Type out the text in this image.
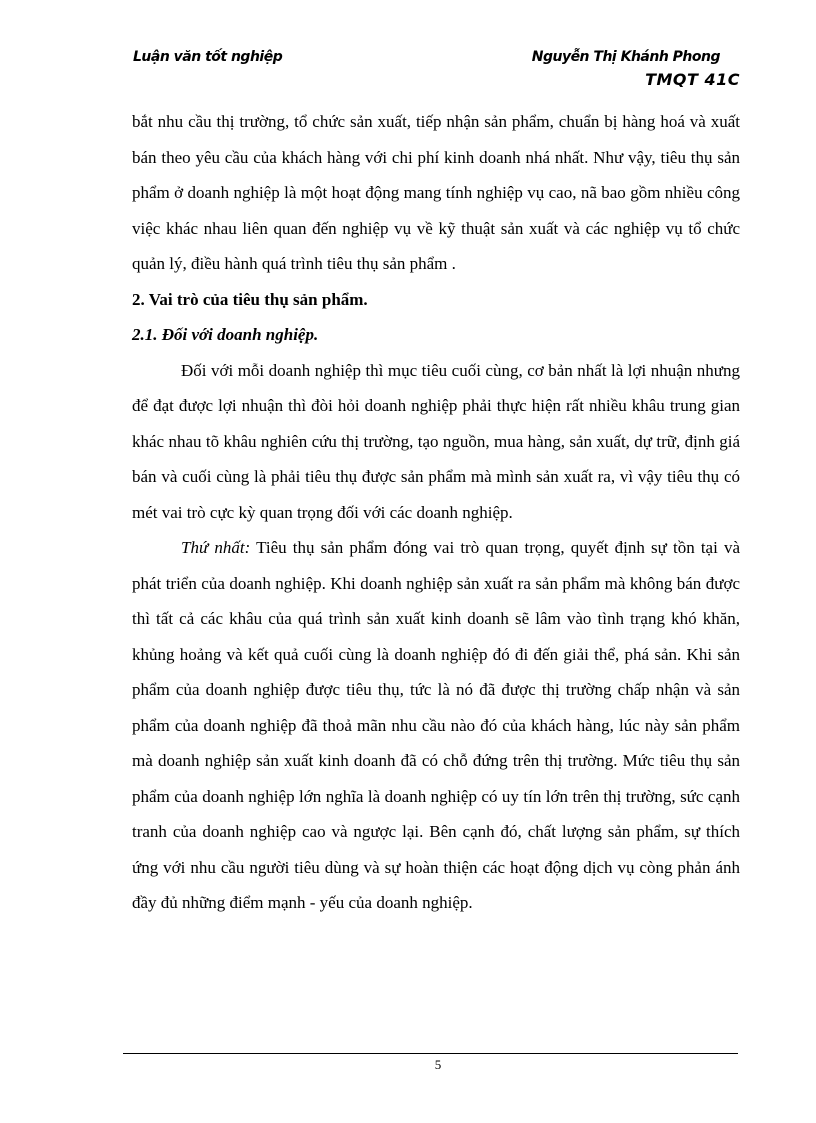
Luận văn tốt nghiệp	Nguyễn Thị Khánh Phong
TMQT 41C

bắt nhu cầu thị trường, tổ chức sản xuất, tiếp nhận sản phẩm, chuẩn bị hàng hoá và xuất bán theo yêu cầu của khách hàng với chi phí kinh doanh nhá nhất. Như vậy, tiêu thụ sản phẩm ở doanh nghiệp là một hoạt động mang tính nghiệp vụ cao, nã bao gồm nhiều công việc khác nhau liên quan đến nghiệp vụ về kỹ thuật sản xuất và các nghiệp vụ tổ chức quản lý, điều hành quá trình tiêu thụ sản phẩm .

2. Vai trò của tiêu thụ sản phẩm.

2.1. Đối với doanh nghiệp.

Đối với mỗi doanh nghiệp thì mục tiêu cuối cùng, cơ bản nhất là lợi nhuận nhưng để đạt được lợi nhuận thì đòi hỏi doanh nghiệp phải thực hiện rất nhiều khâu trung gian khác nhau tõ khâu nghiên cứu thị trường, tạo nguồn, mua hàng, sản xuất, dự trữ, định giá bán và cuối cùng là phải tiêu thụ được sản phẩm mà mình sản xuất ra, vì vậy tiêu thụ có mét vai trò cực kỳ quan trọng đối với các doanh nghiệp.

Thứ nhất: Tiêu thụ sản phẩm đóng vai trò quan trọng, quyết định sự tồn tại và phát triển của doanh nghiệp. Khi doanh nghiệp sản xuất ra sản phẩm mà không bán được thì tất cả các khâu của quá trình sản xuất kinh doanh sẽ lâm vào tình trạng khó khăn, khủng hoảng và kết quả cuối cùng là doanh nghiệp đó đi đến giải thể, phá sản. Khi sản phẩm của doanh nghiệp được tiêu thụ, tức là nó đã được thị trường chấp nhận và sản phẩm của doanh nghiệp đã thoả mãn nhu cầu nào đó của khách hàng, lúc này sản phẩm mà doanh nghiệp sản xuất kinh doanh đã có chỗ đứng trên thị trường. Mức tiêu thụ sản phẩm của doanh nghiệp lớn nghĩa là doanh nghiệp có uy tín lớn trên thị trường, sức cạnh tranh của doanh nghiệp cao và ngược lại. Bên cạnh đó, chất lượng sản phẩm, sự thích ứng với nhu cầu người tiêu dùng và sự hoàn thiện các hoạt động dịch vụ còng phản ánh đầy đủ những điểm mạnh - yếu của doanh nghiệp.

5
